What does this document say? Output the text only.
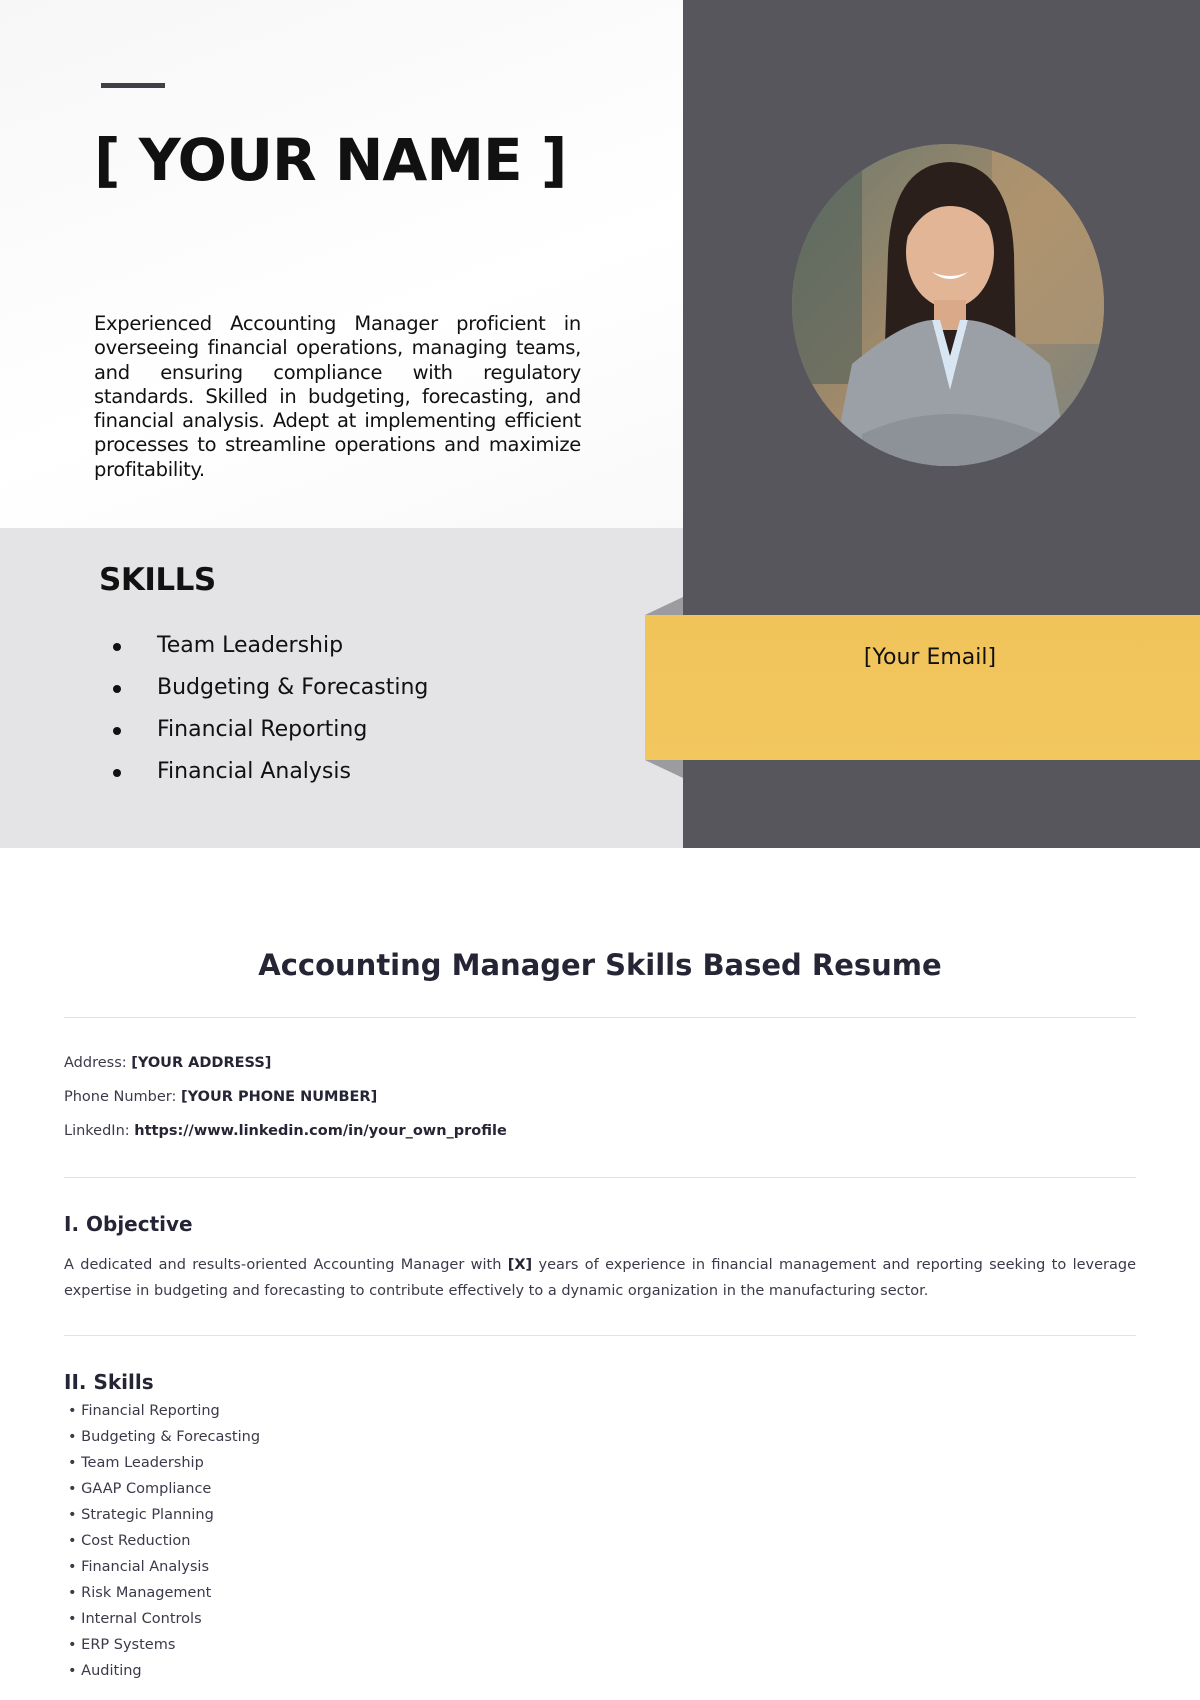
[ YOUR NAME ]

Experienced Accounting Manager proficient in overseeing financial operations, managing teams, and ensuring compliance with regulatory standards. Skilled in budgeting, forecasting, and financial analysis. Adept at implementing efficient processes to streamline operations and maximize profitability.

SKILLS
Team Leadership
Budgeting & Forecasting
Financial Reporting
Financial Analysis
[Your Email]
Accounting Manager Skills Based Resume

Address: [YOUR ADDRESS]

Phone Number: [YOUR PHONE NUMBER]

LinkedIn: https://www.linkedin.com/in/your_own_profile

I. Objective

A dedicated and results-oriented Accounting Manager with [X] years of experience in financial management and reporting seeking to leverage expertise in budgeting and forecasting to contribute effectively to a dynamic organization in the manufacturing sector.

II. Skills
• Financial Reporting
• Budgeting & Forecasting
• Team Leadership
• GAAP Compliance
• Strategic Planning
• Cost Reduction
• Financial Analysis
• Risk Management
• Internal Controls
• ERP Systems
• Auditing
